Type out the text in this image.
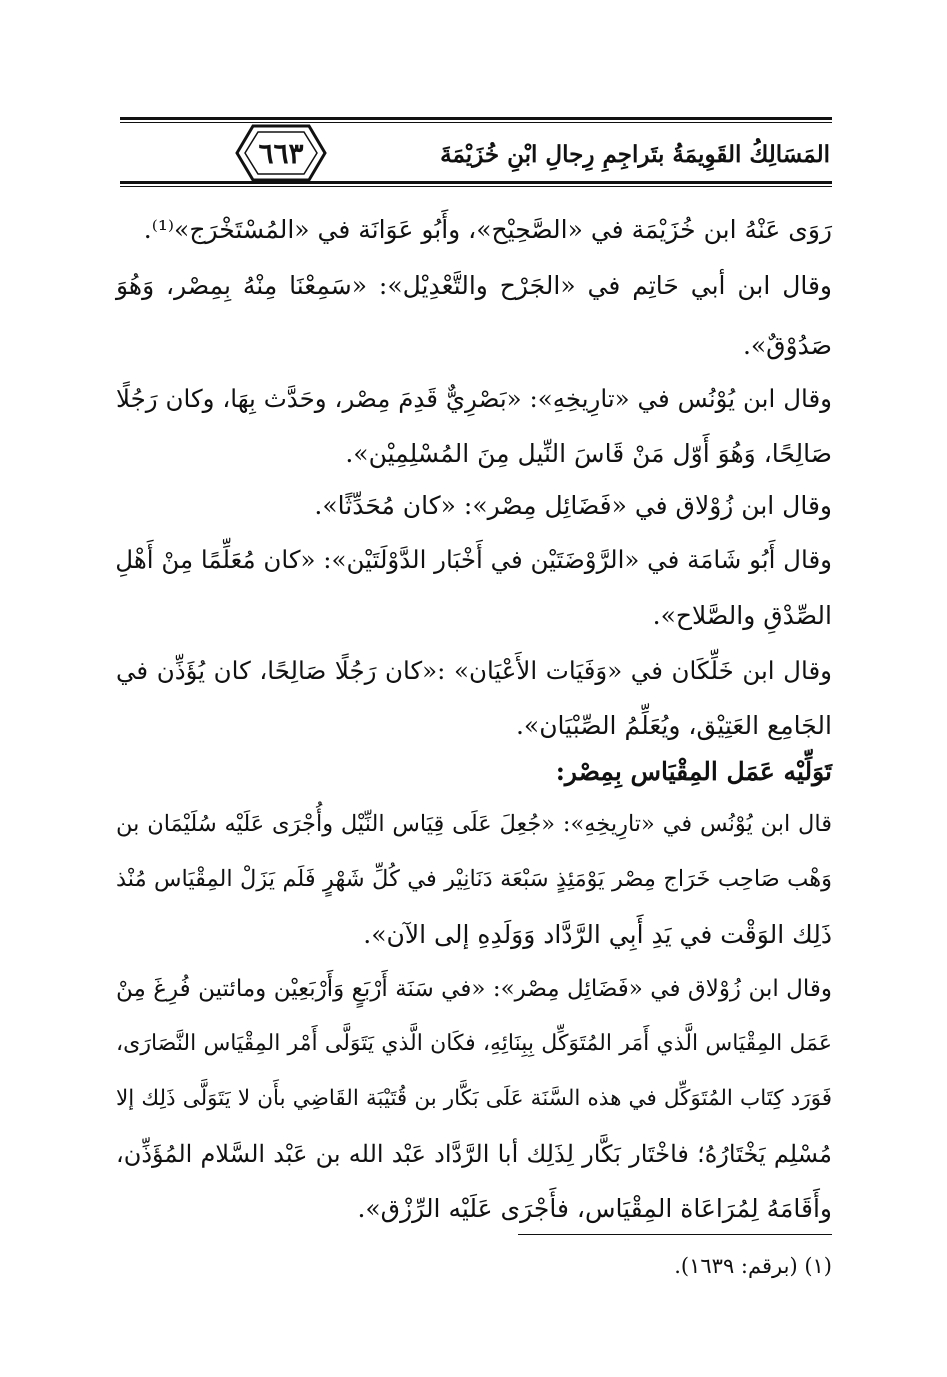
٦٦٣	المَسَالِكُ القَوِيمَةُ بتَراجِمِ رِجالِ ابْنِ خُزَيْمَةَ
رَوَى عَنْهُ ابن خُزَيْمَة في «الصَّحِيْح»، وأَبُو عَوَانَة في «المُسْتَخْرَج»⁽¹⁾.
وقال ابن أبي حَاتِم في «الجَرْح والتَّعْدِيْل»: «سَمِعْنَا مِنْهُ بِمِصْر، وَهُوَ
صَدُوْقٌ».
وقال ابن يُوْنُس في «تارِيخِهِ»: «بَصْرِيٌّ قَدِمَ مِصْر، وحَدَّث بِهَا، وكان رَجُلًا
صَالِحًا، وَهُوَ أَوّل مَنْ قَاسَ النِّيل مِنَ المُسْلِمِيْن».
وقال ابن زُوْلاق في «فَضَائِل مِصْر»: «كان مُحَدِّثًا».
وقال أَبُو شَامَة في «الرَّوْضَتَيْن في أَخْبَار الدَّوْلَتَيْن»: «كان مُعَلِّمًا مِنْ أَهْلِ
الصِّدْقِ والصَّلاح».
وقال ابن خَلِّكَان في «وَفَيَات الأَعْيَان» :«كان رَجُلًا صَالِحًا، كان يُؤَذِّن في
الجَامِع العَتِيْق، ويُعَلِّمُ الصِّبْيَان».
تَوَلِّيْه عَمَل المِقْيَاس بِمِصْر:
قال ابن يُوْنُس في «تارِيخِهِ»: «جُعِلَ عَلَى قِيَاس النِّيْل وأُجْرَى عَلَيْه سُلَيْمَان بن
وَهْب صَاحِب خَرَاج مِصْر يَوْمَئِذٍ سَبْعَة دَنَانِيْر في كُلِّ شَهْرٍ فَلَم يَزَلْ المِقْيَاس مُنْذ
ذَلِك الوَقْت في يَدِ أَبِي الرَّدَّاد وَوَلَدِهِ إلى الآن».
وقال ابن زُوْلاق في «فَضَائِل مِصْر»: «في سَنَة أَرْبَعٍ وَأَرْبَعِيْن ومائتين فُرِغَ مِنْ
عَمَل المِقْيَاس الَّذي أَمَر المُتَوَكِّل بِبِنَائِهِ، فكَان الَّذي يَتَوَلَّى أَمْر المِقْيَاس النَّصَارَى،
فَوَرَد كِتَاب المُتَوَكِّل في هذه السَّنَة عَلَى بَكَّار بن قُتَيْبَة القَاضِي بأَن لا يَتَوَلَّى ذَلِك إلا
مُسْلِم يَخْتَارُهُ؛ فاخْتَار بَكَّار لِذَلِك أبا الرَّدَّاد عَبْد الله بن عَبْد السَّلام المُؤَذِّن،
وأَقَامَهُ لِمُرَاعَاة المِقْيَاس، فأَجْرَى عَلَيْه الرِّزْق».
(١) (برقم: ١٦٣٩).
